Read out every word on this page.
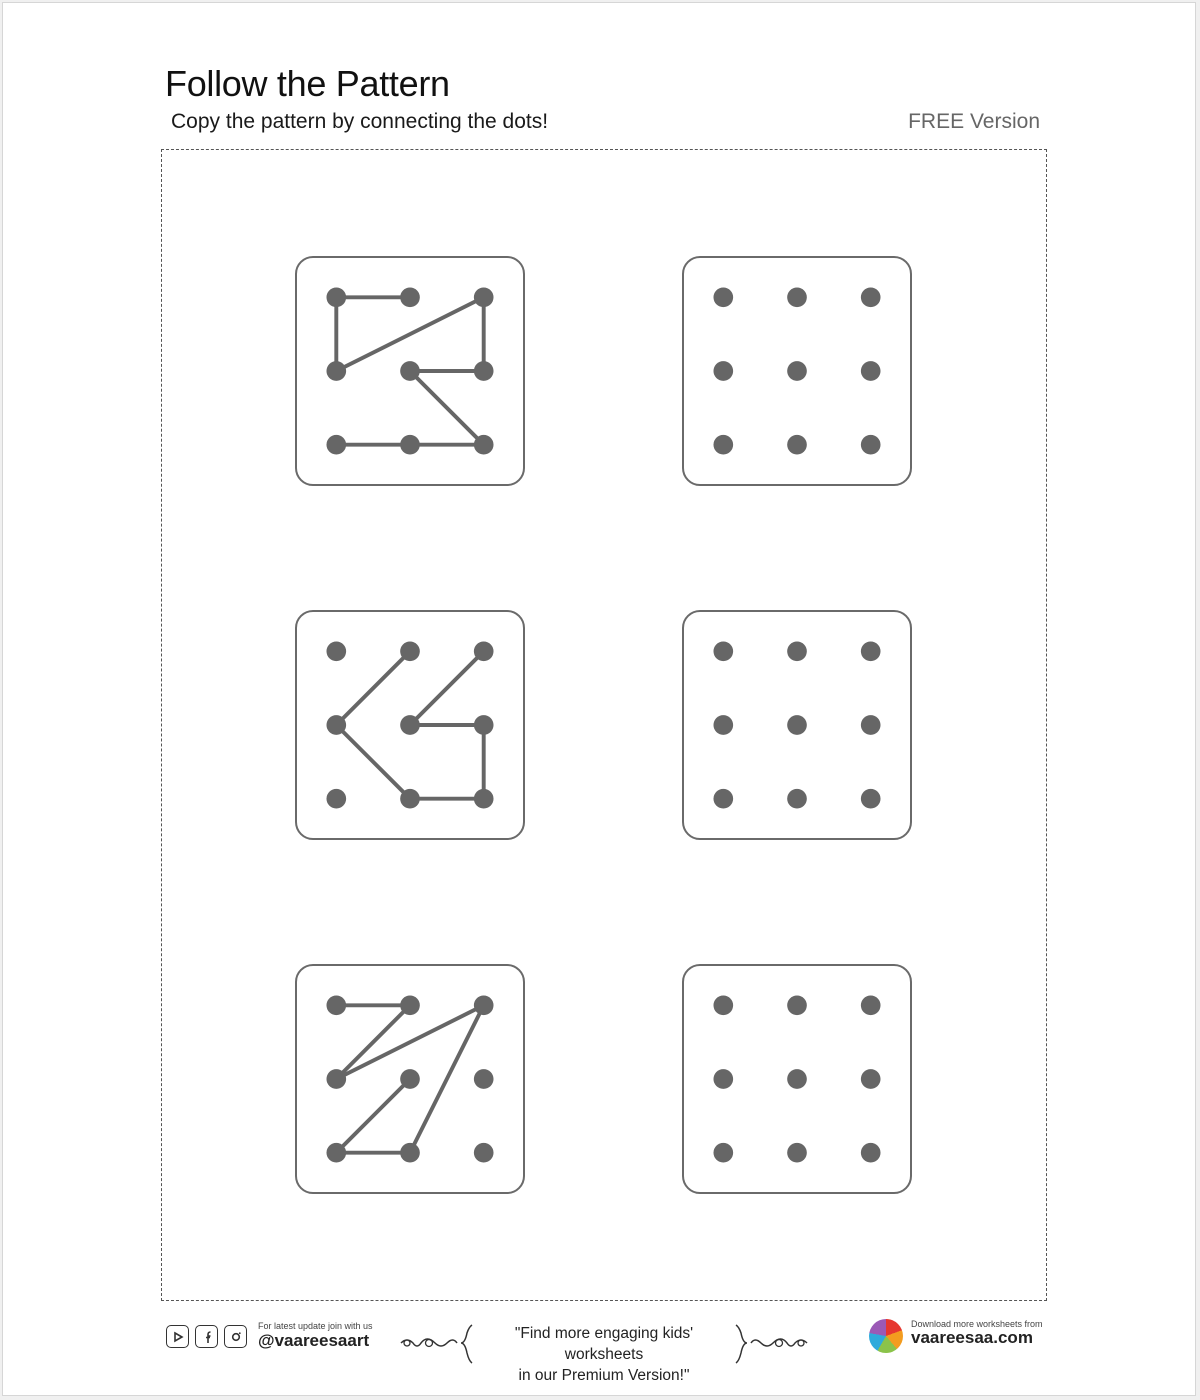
Follow the Pattern

Copy the pattern by connecting the dots!	FREE Version

For latest update join with us
@vaareesaart	"Find more engaging kids' worksheets
in our Premium Version!"
Download more worksheets from
vaareesaa.com
